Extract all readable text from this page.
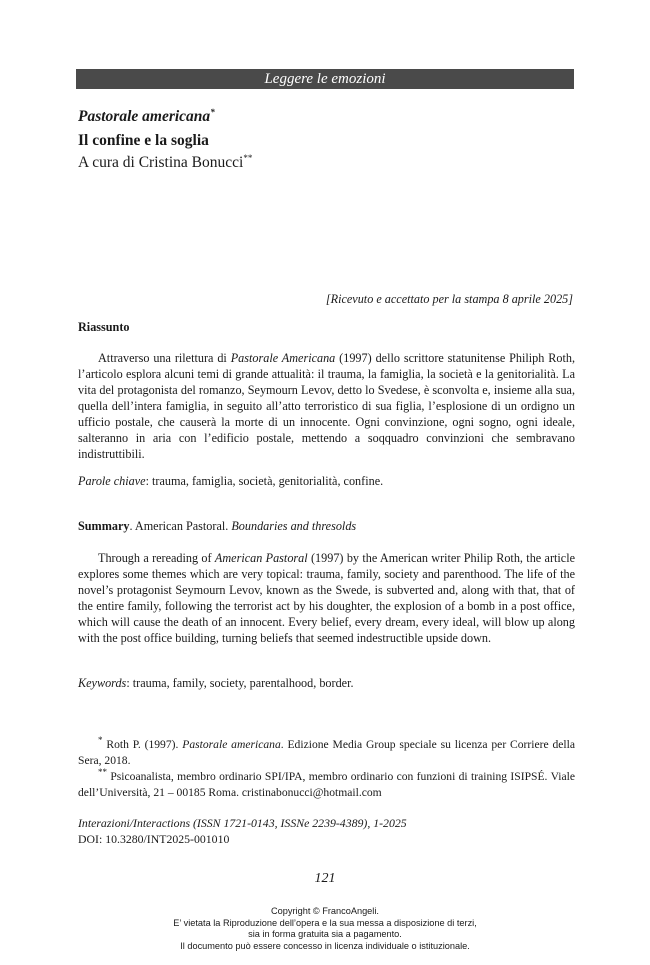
Leggere le emozioni
Pastorale americana*
Il confine e la soglia
A cura di Cristina Bonucci**
[Ricevuto e accettato per la stampa 8 aprile 2025]
Riassunto

Attraverso una rilettura di Pastorale Americana (1997) dello scrittore statunitense Philiph Roth, l’articolo esplora alcuni temi di grande attualità: il trauma, la famiglia, la società e la genitorialità. La vita del protagonista del romanzo, Seymourn Levov, detto lo Svedese, è sconvolta e, insieme alla sua, quella dell’intera famiglia, in seguito all’atto terroristico di sua figlia, l’esplosione di un ordigno un ufficio postale, che causerà la morte di un innocente. Ogni convinzione, ogni sogno, ogni ideale, salteranno in aria con l’edificio postale, mettendo a soqquadro convinzioni che sembravano indistruttibili.

Parole chiave: trauma, famiglia, società, genitorialità, confine.
Summary. American Pastoral. Boundaries and thresolds

Through a rereading of American Pastoral (1997) by the American writer Philip Roth, the article explores some themes which are very topical: trauma, family, society and parenthood. The life of the novel’s protagonist Seymourn Levov, known as the Swede, is subverted and, along with that, that of the entire family, following the terrorist act by his doughter, the explosion of a bomb in a post office, which will cause the death of an innocent. Every belief, every dream, every ideal, will blow up along with the post office building, turning beliefs that seemed indestructible upside down.

Keywords: trauma, family, society, parentalhood, border.

* Roth P. (1997). Pastorale americana. Edizione Media Group speciale su licenza per Corriere della Sera, 2018.

** Psicoanalista, membro ordinario SPI/IPA, membro ordinario con funzioni di training ISIPSÉ. Viale dell’Università, 21 – 00185 Roma. cristinabonucci@hotmail.com

Interazioni/Interactions (ISSN 1721-0143, ISSNe 2239-4389), 1-2025
DOI: 10.3280/INT2025-001010
121
Copyright © FrancoAngeli.
E’ vietata la Riproduzione dell’opera e la sua messa a disposizione di terzi,
sia in forma gratuita sia a pagamento.
Il documento può essere concesso in licenza individuale o istituzionale.
